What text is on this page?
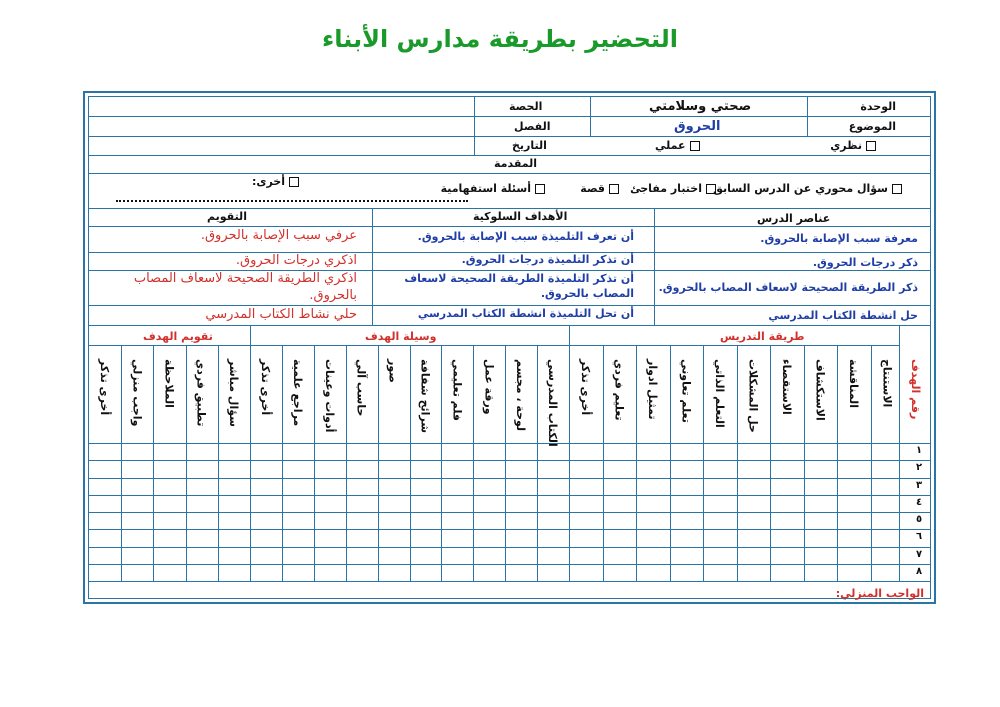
التحضير بطريقة مدارس الأبناء
الوحدة
صحتي وسلامتي
الحصة
الموضوع
الحروق
الفصل
نظري
عملي
التاريخ
المقدمة
سؤال محوري عن الدرس السابق
اختبار مفاجئ
قصة
أسئلة استفهامية
أخرى:
عناصر الدرس
الأهداف السلوكية
التقويم
معرفة سبب الإصابة بالحروق.
أن تعرف التلميذة سبب الإصابة بالحروق.
عرفي سبب الإصابة بالحروق.
ذكر درجات الحروق.
أن تذكر التلميذة درجات الحروق.
اذكري درجات الحروق.
ذكر الطريقة الصحيحة لاسعاف المصاب بالحروق.
أن تذكر التلميذة الطريقة الصحيحة لاسعاف المصاب بالحروق.
اذكري الطريقة الصحيحة لاسعاف المصاب بالحروق.
حل انشطة الكتاب المدرسي
أن تحل التلميذة انشطة الكتاب المدرسي
حلي نشاط الكتاب المدرسي
طريقة التدريس
وسيلة الهدف
تقويم الهدف
رقم الهدف
الاستنتاج
المناقشة
الاستكشاف
الاستقصاء
حل المشكلات
التعلم الذاتي
تعلم تعاوني
تمثيل ادوار
تعليم فردي
أخرى تذكر
الكتاب المدرسي
لوحة ، مجسم
ورقة عمل
فلم تعليمي
شرائح شفافة
صور
حاسب آلي
أدوات وعينات
مراجع علمية
أخرى تذكر
سؤال مباشر
تطبيق فردي
الملاحظة
واجب منزلي
أخرى تذكر
١
٢
٣
٤
٥
٦
٧
٨
الواجب المنزلي:
